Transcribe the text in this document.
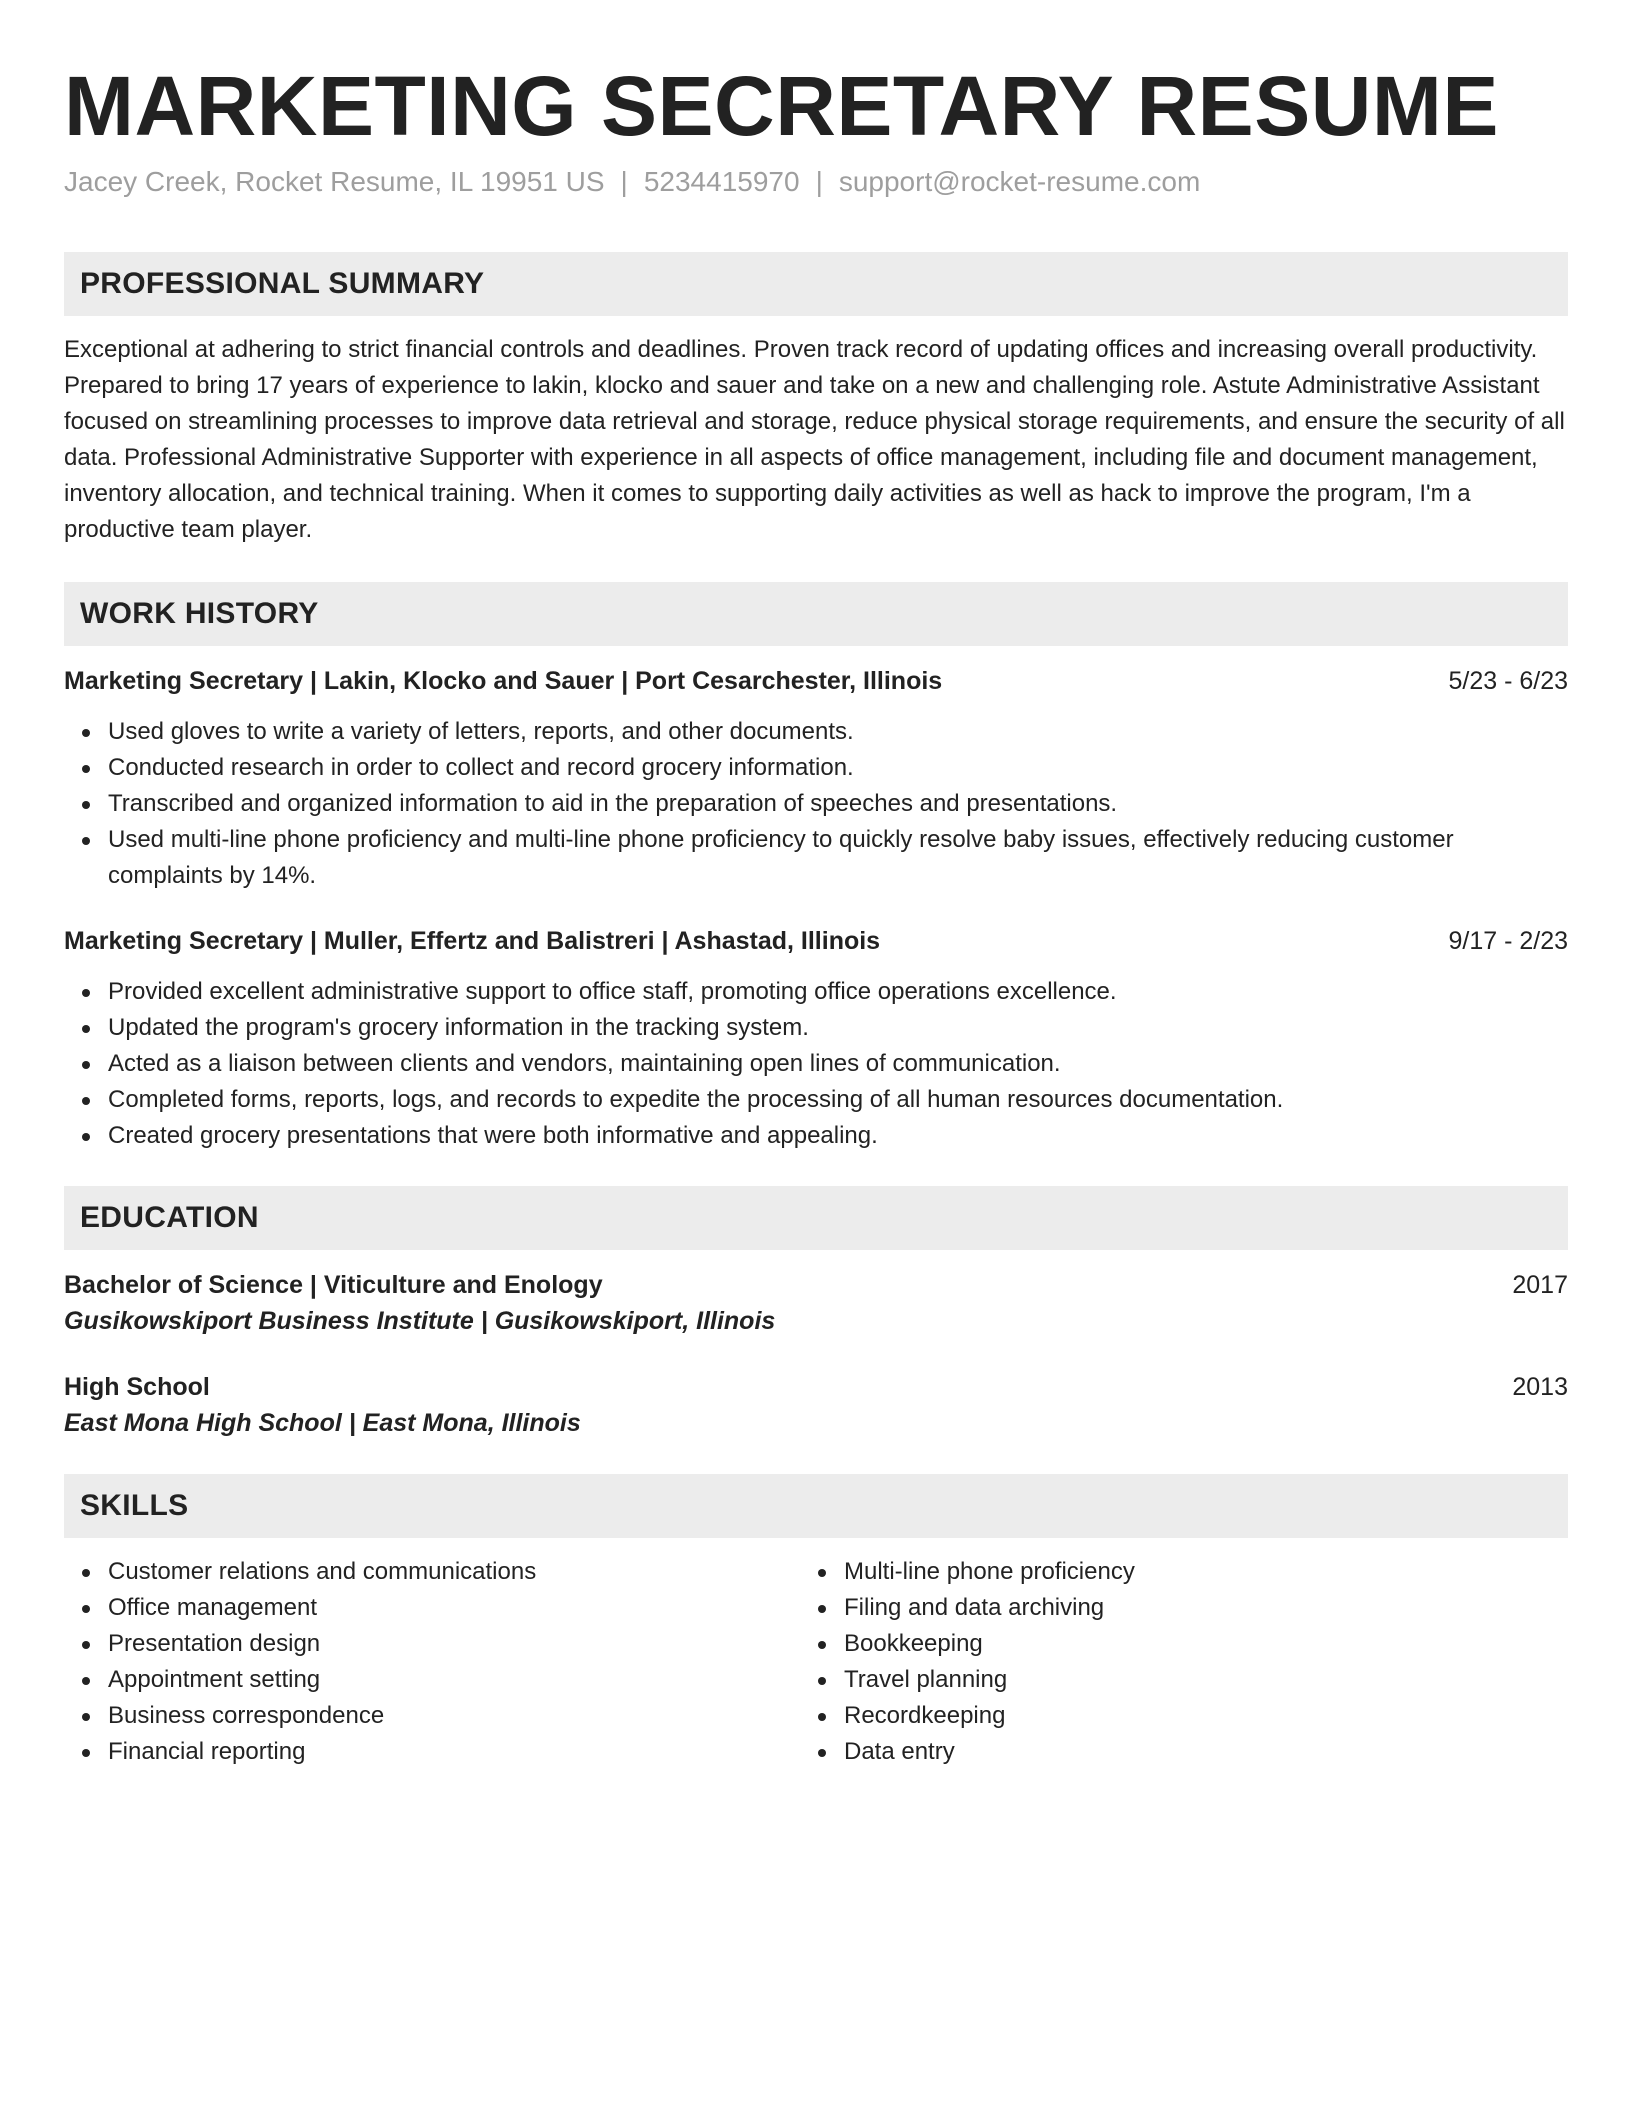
MARKETING SECRETARY RESUME
Jacey Creek, Rocket Resume, IL 19951 US | 5234415970 | support@rocket-resume.com
PROFESSIONAL SUMMARY

Exceptional at adhering to strict financial controls and deadlines. Proven track record of updating offices and increasing overall productivity. Prepared to bring 17 years of experience to lakin, klocko and sauer and take on a new and challenging role. Astute Administrative Assistant focused on streamlining processes to improve data retrieval and storage, reduce physical storage requirements, and ensure the security of all data. Professional Administrative Supporter with experience in all aspects of office management, including file and document management, inventory allocation, and technical training. When it comes to supporting daily activities as well as hack to improve the program, I'm a productive team player.

WORK HISTORY
Marketing Secretary | Lakin, Klocko and Sauer | Port Cesarchester, Illinois	5/23 - 6/23
Used gloves to write a variety of letters, reports, and other documents.
Conducted research in order to collect and record grocery information.
Transcribed and organized information to aid in the preparation of speeches and presentations.
Used multi-line phone proficiency and multi-line phone proficiency to quickly resolve baby issues, effectively reducing customer complaints by 14%.
Marketing Secretary | Muller, Effertz and Balistreri | Ashastad, Illinois	9/17 - 2/23
Provided excellent administrative support to office staff, promoting office operations excellence.
Updated the program's grocery information in the tracking system.
Acted as a liaison between clients and vendors, maintaining open lines of communication.
Completed forms, reports, logs, and records to expedite the processing of all human resources documentation.
Created grocery presentations that were both informative and appealing.
EDUCATION
Bachelor of Science | Viticulture and Enology	2017
Gusikowskiport Business Institute | Gusikowskiport, Illinois
High School	2013
East Mona High School | East Mona, Illinois
SKILLS
Customer relations and communications
Office management
Presentation design
Appointment setting
Business correspondence
Financial reporting
Multi-line phone proficiency
Filing and data archiving
Bookkeeping
Travel planning
Recordkeeping
Data entry
